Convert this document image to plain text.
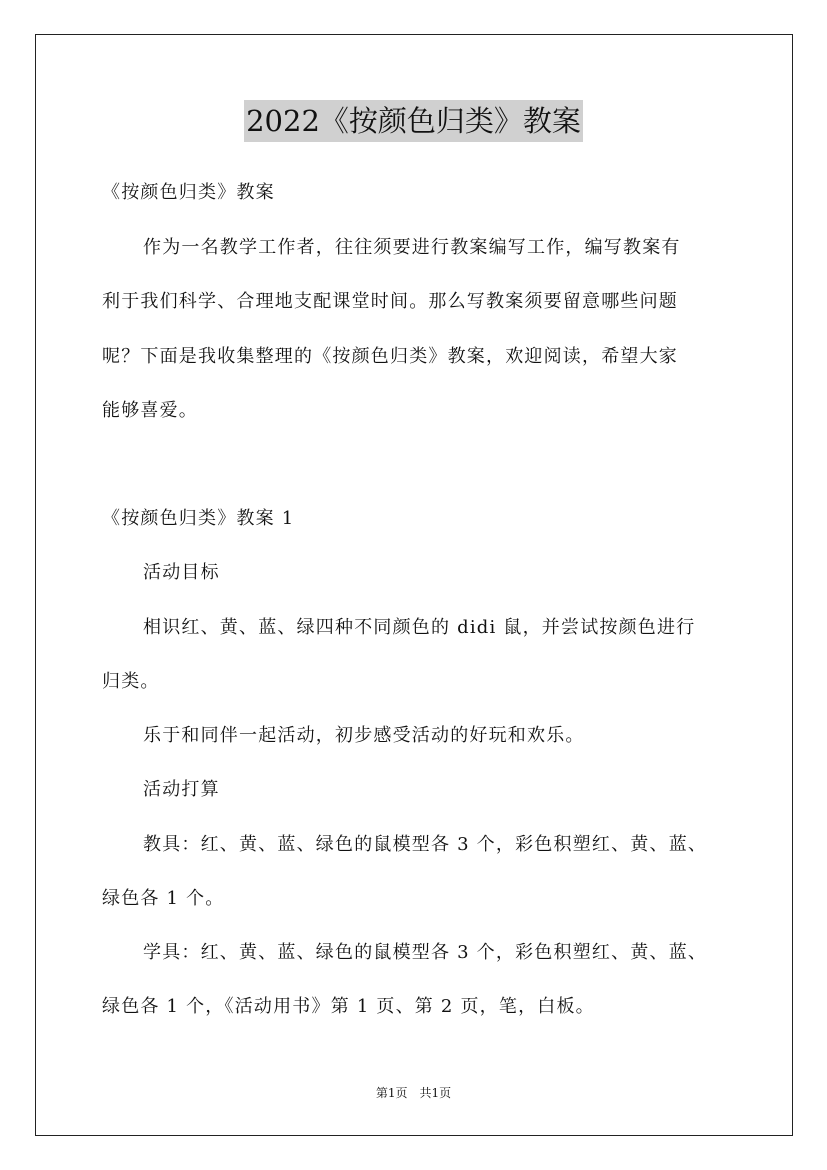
2022《按颜色归类》教案
《按颜色归类》教案
作为一名教学工作者，往往须要进行教案编写工作，编写教案有
利于我们科学、合理地支配课堂时间。那么写教案须要留意哪些问题
呢？下面是我收集整理的《按颜色归类》教案，欢迎阅读，希望大家
能够喜爱。
《按颜色归类》教案 1
活动目标
相识红、黄、蓝、绿四种不同颜色的 didi 鼠，并尝试按颜色进行
归类。
乐于和同伴一起活动，初步感受活动的好玩和欢乐。
活动打算
教具：红、黄、蓝、绿色的鼠模型各 3 个，彩色积塑红、黄、蓝、
绿色各 1 个。
学具：红、黄、蓝、绿色的鼠模型各 3 个，彩色积塑红、黄、蓝、
绿色各 1 个，《活动用书》第 1 页、第 2 页，笔，白板。
第1页　共1页
